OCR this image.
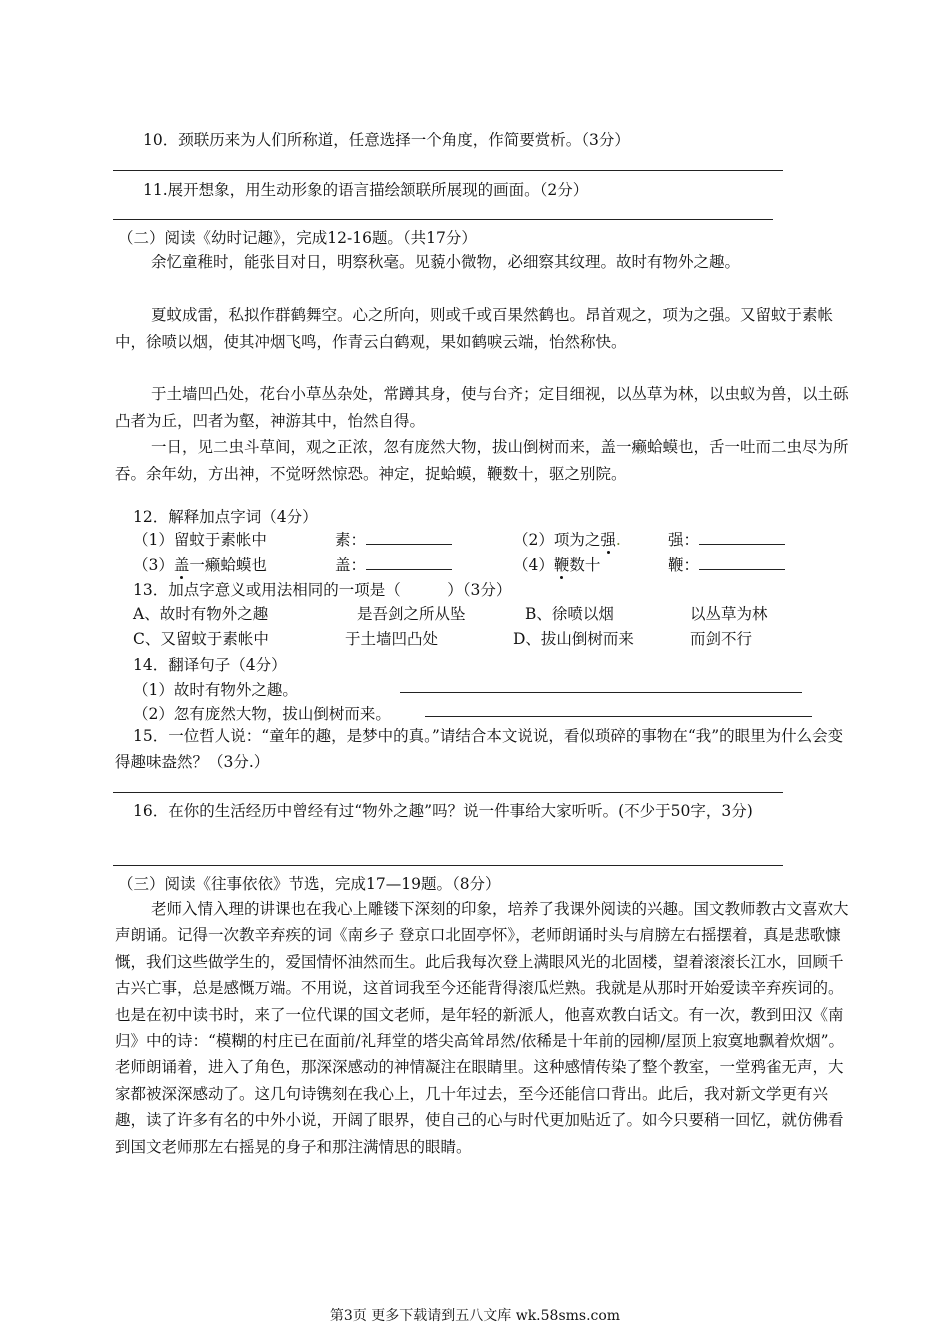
10．颈联历来为人们所称道，任意选择一个角度，作简要赏析。（3分）
11.展开想象，用生动形象的语言描绘颔联所展现的画面。（2分）
（二）阅读《幼时记趣》，完成12-16题。（共17分）
余忆童稚时，能张目对日，明察秋毫。见藐小微物，必细察其纹理。故时有物外之趣。
夏蚊成雷，私拟作群鹤舞空。心之所向，则或千或百果然鹤也。昂首观之，项为之强。又留蚊于素帐中，徐喷以烟，使其冲烟飞鸣，作青云白鹤观，果如鹤唳云端，怡然称快。
于土墙凹凸处，花台小草丛杂处，常蹲其身，使与台齐；定目细视，以丛草为林，以虫蚁为兽，以土砾凸者为丘，凹者为壑，神游其中，怡然自得。
一日，见二虫斗草间，观之正浓，忽有庞然大物，拔山倒树而来，盖一癞蛤蟆也，舌一吐而二虫尽为所吞。余年幼，方出神，不觉呀然惊恐。神定，捉蛤蟆，鞭数十，驱之别院。
12．解释加点字词（4分）
（1）留蚊于素帐中	素：	（2）项为之强.	强：
（3）盖一癞蛤蟆也	盖：	（4）鞭数十	鞭：
13．加点字意义或用法相同的一项是（　　　）（3分）
A、故时有物外之趣	是吾剑之所从坠	B、徐喷以烟	以丛草为林
C、又留蚊于素帐中	于土墙凹凸处	D、拔山倒树而来	而剑不行
14．翻译句子（4分）
（1）故时有物外之趣。
（2）忽有庞然大物，拔山倒树而来。
15．一位哲人说：“童年的趣，是梦中的真。”请结合本文说说，看似琐碎的事物在“我”的眼里为什么会变得趣味盎然？（3分.）
16．在你的生活经历中曾经有过“物外之趣”吗？说一件事给大家听听。(不少于50字，3分)
（三）阅读《往事依依》节选，完成17—19题。（8分）
老师入情入理的讲课也在我心上雕镂下深刻的印象，培养了我课外阅读的兴趣。国文教师教古文喜欢大声朗诵。记得一次教辛弃疾的词《南乡子 登京口北固亭怀》，老师朗诵时头与肩膀左右摇摆着，真是悲歌慷慨，我们这些做学生的，爱国情怀油然而生。此后我每次登上满眼风光的北固楼，望着滚滚长江水，回顾千古兴亡事，总是感慨万端。不用说，这首词我至今还能背得滚瓜烂熟。我就是从那时开始爱读辛弃疾词的。也是在初中读书时，来了一位代课的国文老师，是年轻的新派人，他喜欢教白话文。有一次，教到田汉《南归》中的诗：“模糊的村庄已在面前/礼拜堂的塔尖高耸昂然/依稀是十年前的园柳/屋顶上寂寞地飘着炊烟”。老师朗诵着，进入了角色，那深深感动的神情凝注在眼睛里。这种感情传染了整个教室，一堂鸦雀无声，大家都被深深感动了。这几句诗镌刻在我心上，几十年过去，至今还能信口背出。此后，我对新文学更有兴趣，读了许多有名的中外小说，开阔了眼界，使自己的心与时代更加贴近了。如今只要稍一回忆，就仿佛看到国文老师那左右摇晃的身子和那注满情思的眼睛。
第3页 更多下载请到五八文库 wk.58sms.com
